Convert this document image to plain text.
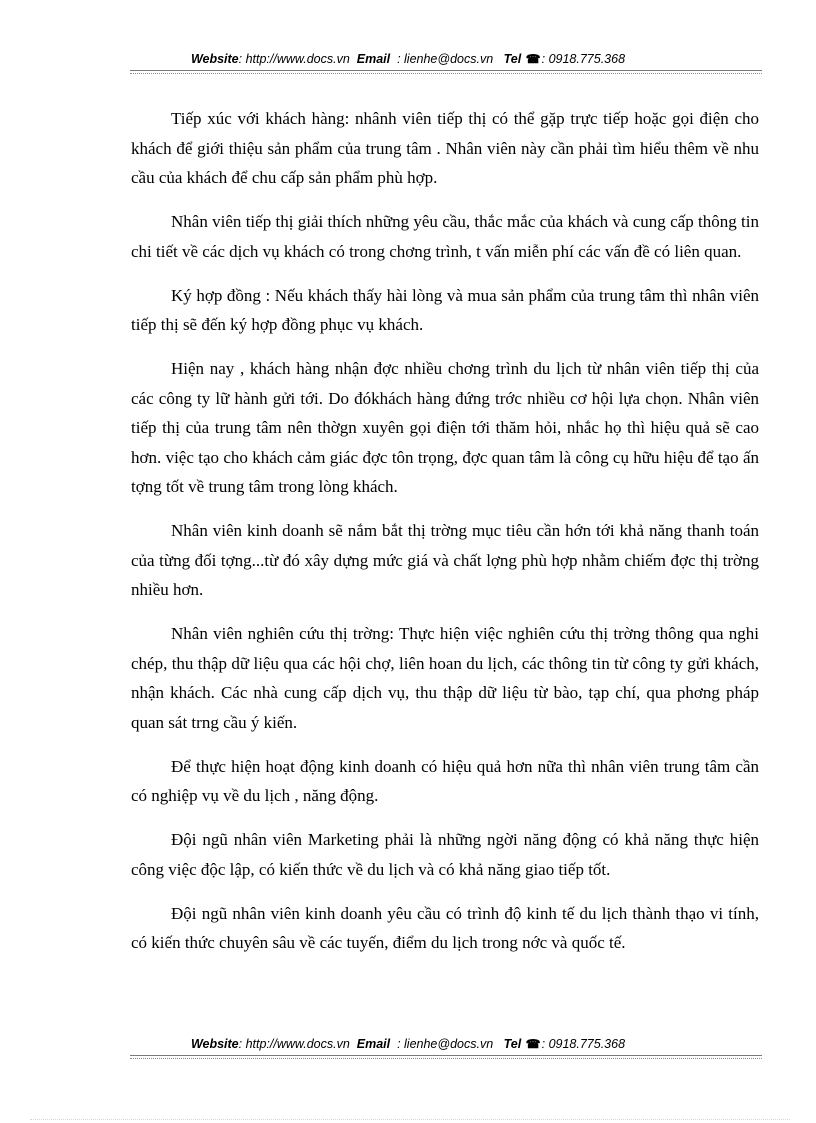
Website: http://www.docs.vn Email : lienhe@docs.vn Tel ☎: 0918.775.368

Tiếp xúc với khách hàng: nhânh viên tiếp thị có thể gặp trực tiếp hoặc gọi điện cho khách để giới thiệu sản phẩm của trung tâm . Nhân viên này cần phải tìm hiểu thêm về nhu cầu của khách để chu cấp sản phẩm phù hợp.

Nhân viên tiếp thị giải thích những yêu cầu, thắc mắc của khách và cung cấp thông tin chi tiết về các dịch vụ khách có trong chơng trình, t vấn miễn phí các vấn đề có liên quan.

Ký hợp đồng : Nếu khách thấy hài lòng và mua sản phẩm của trung tâm thì nhân viên tiếp thị sẽ đến ký hợp đồng phục vụ khách.

Hiện nay , khách hàng nhận đợc nhiều chơng trình du lịch từ nhân viên tiếp thị của các công ty lữ hành gửi tới. Do đókhách hàng đứng trớc nhiều cơ hội lựa chọn. Nhân viên tiếp thị của trung tâm nên thờgn xuyên gọi điện tới thăm hỏi, nhắc họ thì hiệu quả sẽ cao hơn. việc tạo cho khách cảm giác đợc tôn trọng, đợc quan tâm là công cụ hữu hiệu để tạo ấn tợng tốt về trung tâm trong lòng khách.

Nhân viên kinh doanh sẽ nắm bắt thị trờng mục tiêu cần hớn tới khả năng thanh toán của từng đối tợng...từ đó xây dựng mức giá và chất lợng phù hợp nhằm chiếm đợc thị trờng nhiều hơn.

Nhân viên nghiên cứu thị trờng: Thực hiện việc nghiên cứu thị trờng thông qua nghi chép, thu thập dữ liệu qua các hội chợ, liên hoan du lịch, các thông tin từ công ty gửi khách, nhận khách. Các nhà cung cấp dịch vụ, thu thập dữ liệu từ bào, tạp chí, qua phơng pháp quan sát trng cầu ý kiến.

Để thực hiện hoạt động kinh doanh có hiệu quả hơn nữa thì nhân viên trung tâm cần có nghiệp vụ về du lịch , năng động.

Đội ngũ nhân viên Marketing phải là những ngời năng động có khả năng thực hiện công việc độc lập, có kiến thức về du lịch và có khả năng giao tiếp tốt.

Đội ngũ nhân viên kinh doanh yêu cầu có trình độ kinh tế du lịch thành thạo vi tính, có kiến thức chuyên sâu về các tuyến, điểm du lịch trong nớc và quốc tế.

Website: http://www.docs.vn Email : lienhe@docs.vn Tel ☎: 0918.775.368
